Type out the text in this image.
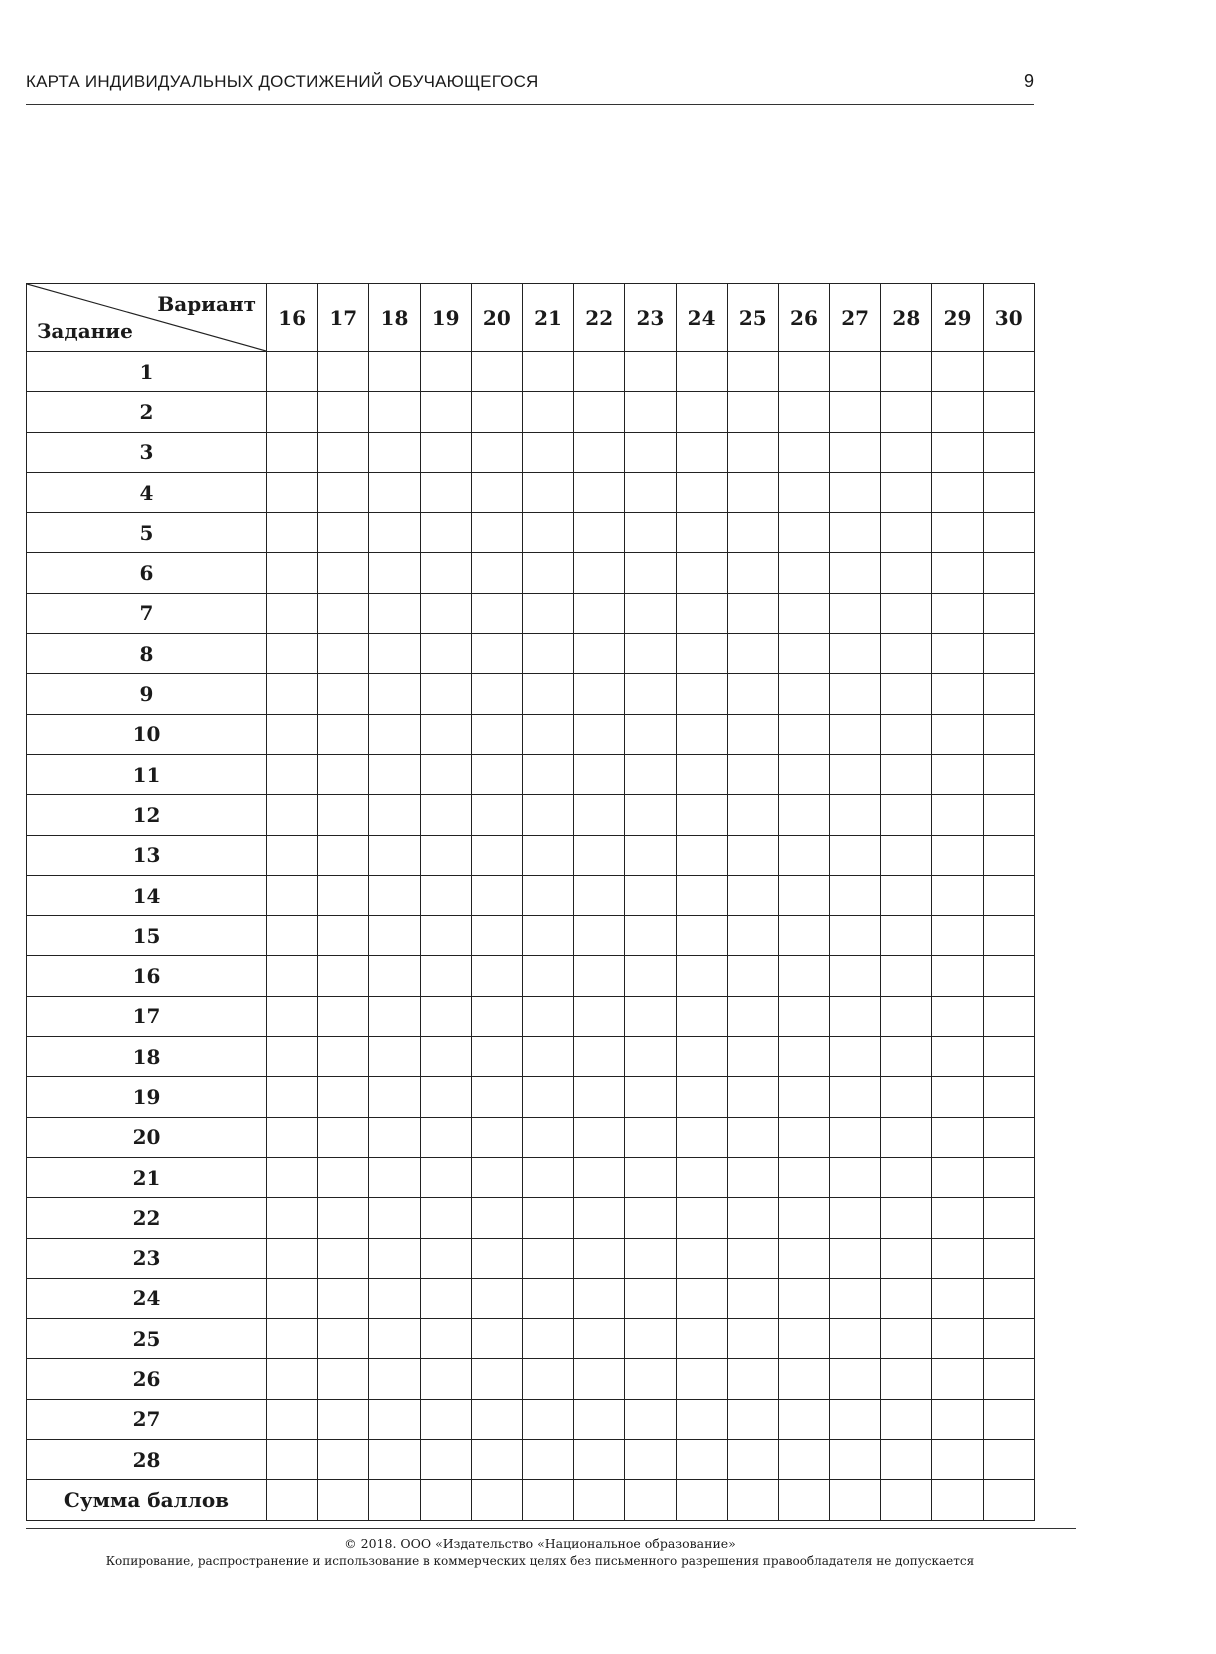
КАРТА ИНДИВИДУАЛЬНЫХ ДОСТИЖЕНИЙ ОБУЧАЮЩЕГОСЯ	9
Вариант
Задание	16	17	18	19	20	21	22	23	24	25	26	27	28	29	30
1															
2															
3															
4															
5															
6															
7															
8															
9															
10															
11															
12															
13															
14															
15															
16															
17															
18															
19															
20															
21															
22															
23															
24															
25															
26															
27															
28															
Сумма баллов															
© 2018. ООО «Издательство «Национальное образование»
Копирование, распространение и использование в коммерческих целях без письменного разрешения правообладателя не допускается
